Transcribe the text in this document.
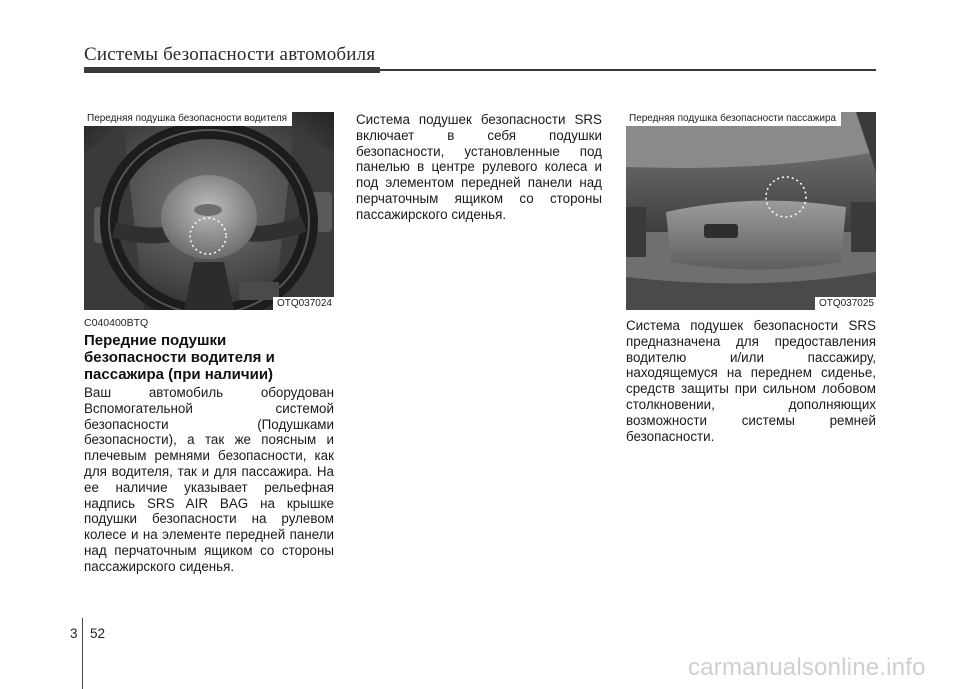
Системы безопасности автомобиля
Передняя подушка безопасности водителя
OTQ037024
Передняя подушка безопасности пассажира
OTQ037025
C040400BTQ
Передние подушки безопасности водителя и пассажира (при наличии)

Ваш автомобиль оборудован Вспомогательной системой безопасности (Подушками безопасности), а так же поясным и плечевым ремнями безопасности, как для водителя, так и для пассажира. На ее наличие указывает рельефная надпись SRS AIR BAG на крышке подушки безопасности на рулевом колесе и на элементе передней панели над перчаточным ящиком со стороны пассажирского сиденья.

Система подушек безопасности SRS включает в себя подушки безопасности, установленные под панелью в центре рулевого колеса и под элементом передней панели над перчаточным ящиком со стороны пассажирского сиденья.

Система подушек безопасности SRS предназначена для предоставления водителю и/или пассажиру, находящемуся на переднем сиденье, средств защиты при сильном лобовом столкновении, дополняющих возможности системы ремней безопасности.

3 52
carmanualsonline.info
